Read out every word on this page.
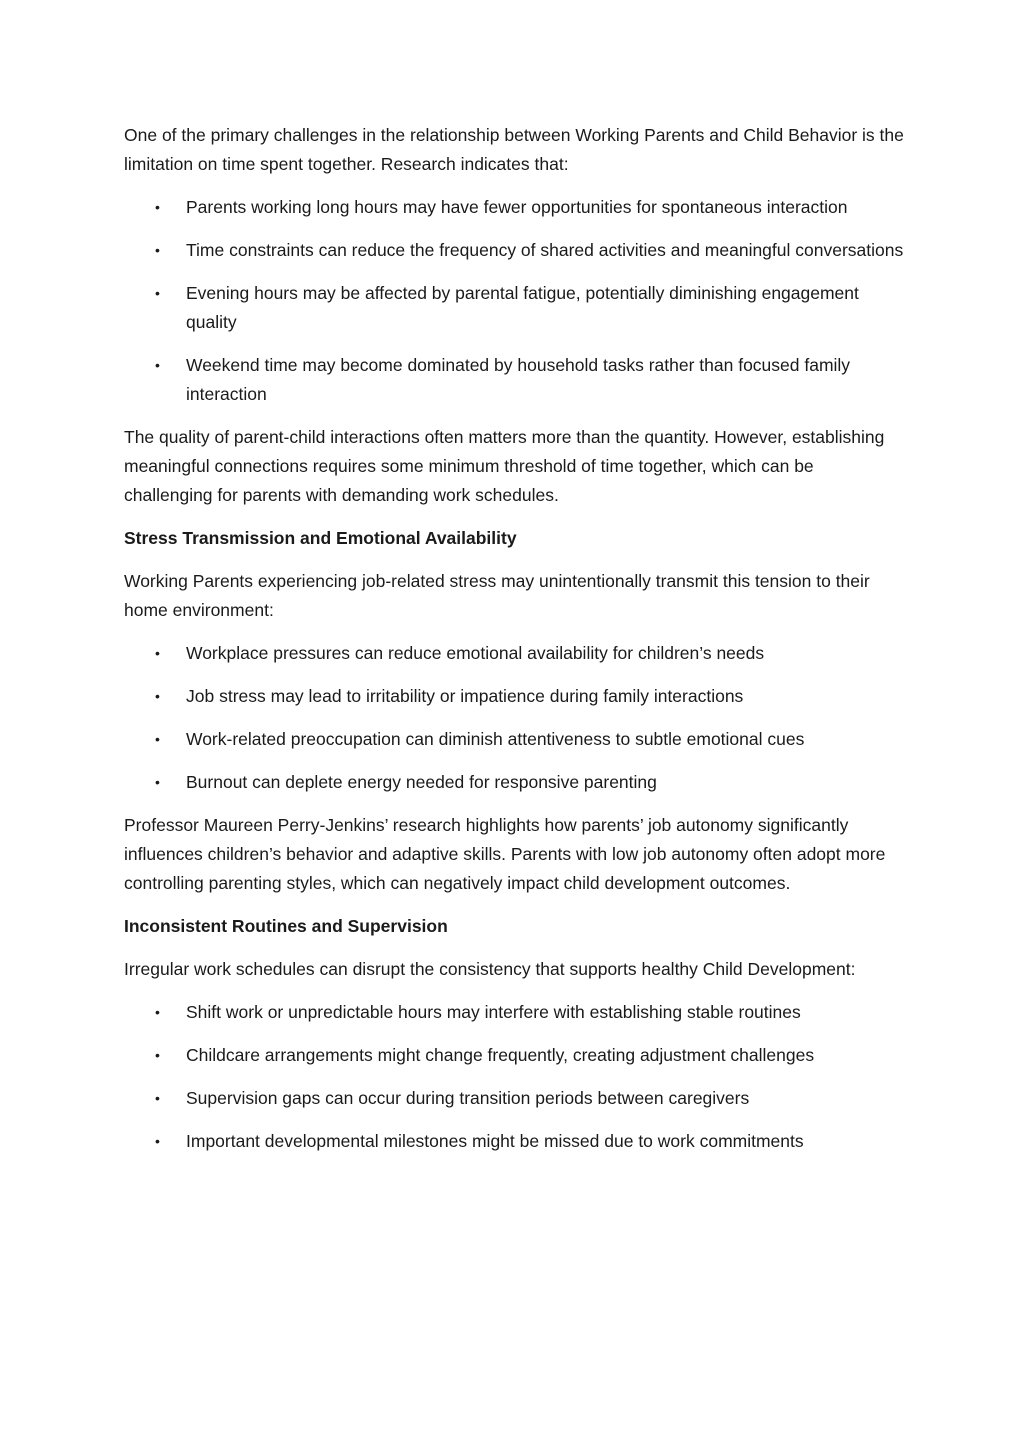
One of the primary challenges in the relationship between Working Parents and Child Behavior is the limitation on time spent together. Research indicates that:

• Parents working long hours may have fewer opportunities for spontaneous interaction
• Time constraints can reduce the frequency of shared activities and meaningful conversations
• Evening hours may be affected by parental fatigue, potentially diminishing engagement quality
• Weekend time may become dominated by household tasks rather than focused family interaction

The quality of parent-child interactions often matters more than the quantity. However, establishing meaningful connections requires some minimum threshold of time together, which can be challenging for parents with demanding work schedules.

Stress Transmission and Emotional Availability

Working Parents experiencing job-related stress may unintentionally transmit this tension to their home environment:

• Workplace pressures can reduce emotional availability for children’s needs
• Job stress may lead to irritability or impatience during family interactions
• Work-related preoccupation can diminish attentiveness to subtle emotional cues
• Burnout can deplete energy needed for responsive parenting

Professor Maureen Perry-Jenkins’ research highlights how parents’ job autonomy significantly influences children’s behavior and adaptive skills. Parents with low job autonomy often adopt more controlling parenting styles, which can negatively impact child development outcomes.

Inconsistent Routines and Supervision

Irregular work schedules can disrupt the consistency that supports healthy Child Development:

• Shift work or unpredictable hours may interfere with establishing stable routines
• Childcare arrangements might change frequently, creating adjustment challenges
• Supervision gaps can occur during transition periods between caregivers
• Important developmental milestones might be missed due to work commitments
